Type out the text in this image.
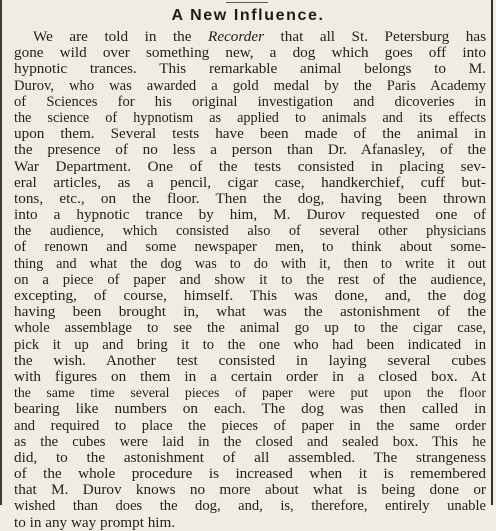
A New Influence.
We are told in the Recorder that all St. Petersburg has
gone wild over something new, a dog which goes off into
hypnotic trances. This remarkable animal belongs to M.
Durov, who was awarded a gold medal by the Paris Academy
of Sciences for his original investigation and dicoveries in
the science of hypnotism as applied to animals and its effects
upon them. Several tests have been made of the animal in
the presence of no less a person than Dr. Afanasley, of the
War Department. One of the tests consisted in placing sev-
eral articles, as a pencil, cigar case, handkerchief, cuff but-
tons, etc., on the floor. Then the dog, having been thrown
into a hypnotic trance by him, M. Durov requested one of
the audience, which consisted also of several other physicians
of renown and some newspaper men, to think about some-
thing and what the dog was to do with it, then to write it out
on a piece of paper and show it to the rest of the audience,
excepting, of course, himself. This was done, and, the dog
having been brought in, what was the astonishment of the
whole assemblage to see the animal go up to the cigar case,
pick it up and bring it to the one who had been indicated in
the wish. Another test consisted in laying several cubes
with figures on them in a certain order in a closed box. At
the same time several pieces of paper were put upon the floor
bearing like numbers on each. The dog was then called in
and required to place the pieces of paper in the same order
as the cubes were laid in the closed and sealed box. This he
did, to the astonishment of all assembled. The strangeness
of the whole procedure is increased when it is remembered
that M. Durov knows no more about what is being done or
wished than does the dog, and, is, therefore, entirely unable
to in any way prompt him.
